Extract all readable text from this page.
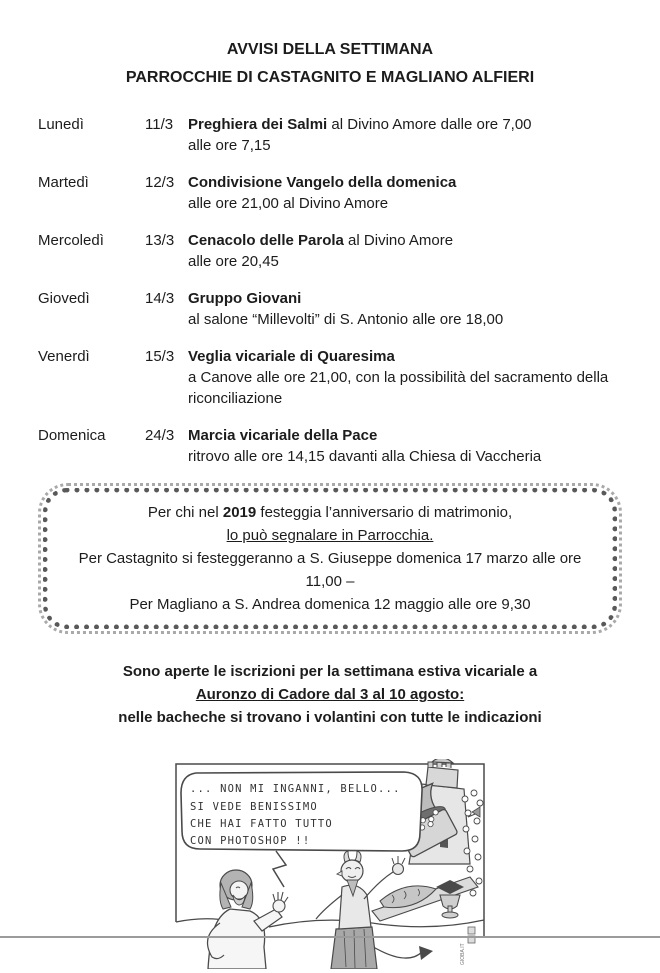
AVVISI DELLA SETTIMANA
PARROCCHIE DI CASTAGNITO E MAGLIANO ALFIERI
Lunedì	11/3 Preghiera dei Salmi al Divino Amore dalle ore 7,00
alle ore 7,15
Martedì	12/3 Condivisione Vangelo della domenica
alle ore 21,00 al Divino Amore
Mercoledì	13/3 Cenacolo delle Parola al Divino Amore
alle ore 20,45
Giovedì	14/3 Gruppo Giovani
al salone “Millevolti” di S. Antonio alle ore 18,00
Venerdì	15/3 Veglia vicariale di Quaresima
a Canove alle ore 21,00, con la possibilità del sacramento della
riconciliazione
Domenica	24/3 Marcia vicariale della Pace
ritrovo alle ore 14,15 davanti alla Chiesa di Vaccheria
Per chi nel 2019 festeggia l’anniversario di matrimonio,
lo può segnalare in Parrocchia.
Per Castagnito si festeggeranno a S. Giuseppe domenica 17 marzo alle ore 11,00 –
Per Magliano a S. Andrea domenica 12 maggio alle ore 9,30
Sono aperte le iscrizioni per la settimana estiva vicariale a
Auronzo di Cadore dal 3 al 10 agosto:
nelle bacheche si trovano i volantini con tutte le indicazioni
... NON MI INGANNI, BELLO...
SI VEDE BENISSIMO
CHE HAI FATTO TUTTO
CON PHOTOSHOP !!
GIOBA.IT
